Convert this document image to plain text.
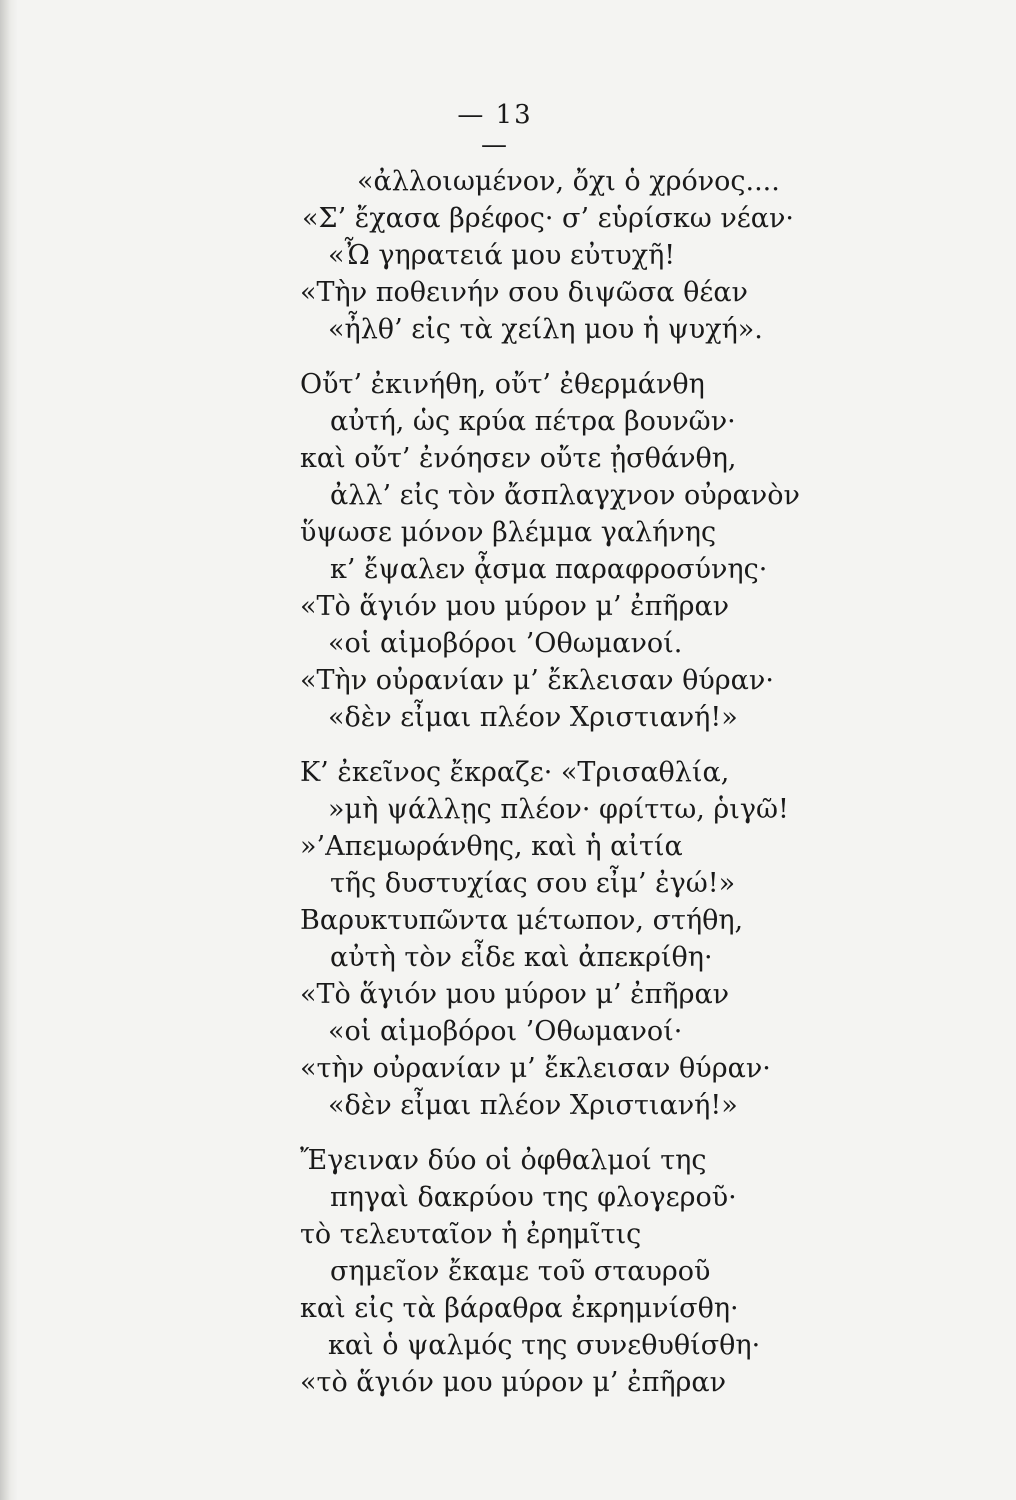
— 13 —
«ἀλλοιωμένον, ὄχι ὁ χρόνος....
«Σ’ ἔχασα βρέφος· σ’ εὑρίσκω νέαν·
«Ὦ γηρατειά μου εὐτυχῆ!
«Τὴν ποθεινήν σου διψῶσα θέαν
«ἦλθ’ εἰς τὰ χείλη μου ἡ ψυχή».
Οὔτ’ ἐκινήθη, οὔτ’ ἐθερμάνθη
αὐτή, ὡς κρύα πέτρα βουνῶν·
καὶ οὔτ’ ἐνόησεν οὔτε ᾐσθάνθη,
ἀλλ’ εἰς τὸν ἄσπλαγχνον οὐρανὸν
ὕψωσε μόνον βλέμμα γαλήνης
κ’ ἔψαλεν ᾆσμα παραφροσύνης·
«Τὸ ἅγιόν μου μύρον μ’ ἐπῆραν
«οἱ αἱμοβόροι ’Οθωμανοί.
«Τὴν οὐρανίαν μ’ ἔκλεισαν θύραν·
«δὲν εἶμαι πλέον Χριστιανή!»
Κ’ ἐκεῖνος ἔκραζε· «Τρισαθλία,
»μὴ ψάλλῃς πλέον· φρίττω, ῥιγῶ!
»’Απεμωράνθης, καὶ ἡ αἰτία
τῆς δυστυχίας σου εἶμ’ ἐγώ!»
Βαρυκτυπῶντα μέτωπον, στήθη,
αὐτὴ τὸν εἶδε καὶ ἀπεκρίθη·
«Τὸ ἅγιόν μου μύρον μ’ ἐπῆραν
«οἱ αἱμοβόροι ’Οθωμανοί·
«τὴν οὐρανίαν μ’ ἔκλεισαν θύραν·
«δὲν εἶμαι πλέον Χριστιανή!»
Ἔγειναν δύο οἱ ὀφθαλμοί της
πηγαὶ δακρύου της φλογεροῦ·
τὸ τελευταῖον ἡ ἐρημῖτις
σημεῖον ἔκαμε τοῦ σταυροῦ
καὶ εἰς τὰ βάραθρα ἐκρημνίσθη·
καὶ ὁ ψαλμός της συνεθυθίσθη·
«τὸ ἅγιόν μου μύρον μ’ ἐπῆραν
